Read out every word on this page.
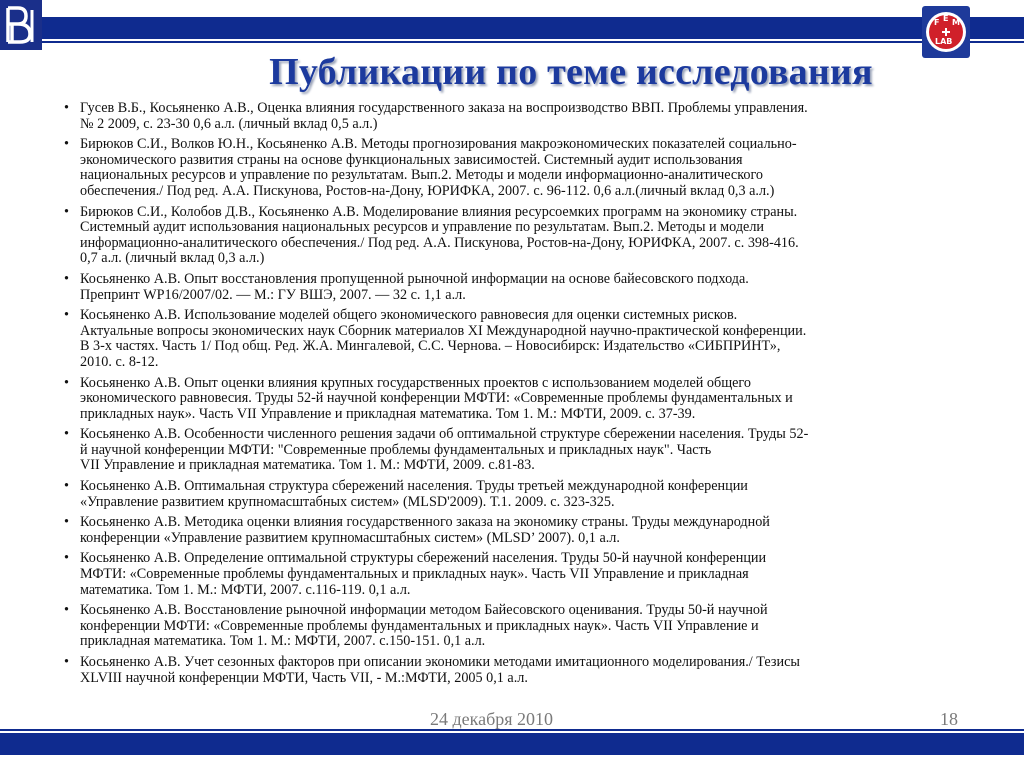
F E M
LAB
Публикации по теме исследования
24 декабря 2010	18
• Гусев В.Б., Косьяненко А.В., Оценка влияния государственного заказа на воспроизводство ВВП. Проблемы управления.
№ 2 2009, с. 23-30 0,6 а.л. (личный вклад 0,5 а.л.)
• Бирюков С.И., Волков Ю.Н., Косьяненко А.В. Методы прогнозирования макроэкономических показателей социально-
экономического развития страны на основе функциональных зависимостей. Системный аудит использования
национальных ресурсов и управление по результатам. Вып.2. Методы и модели информационно-аналитического
обеспечения./ Под ред. А.А. Пискунова, Ростов-на-Дону, ЮРИФКА, 2007. с. 96-112. 0,6 а.л.(личный вклад 0,3 а.л.)
• Бирюков С.И., Колобов Д.В., Косьяненко А.В. Моделирование влияния ресурсоемких программ на экономику страны.
Системный аудит использования национальных ресурсов и управление по результатам. Вып.2. Методы и модели
информационно-аналитического обеспечения./ Под ред. А.А. Пискунова, Ростов-на-Дону, ЮРИФКА, 2007. с. 398-416.
0,7 а.л. (личный вклад 0,3 а.л.)
• Косьяненко А.В. Опыт восстановления пропущенной рыночной информации на основе байесовского подхода.
Препринт WP16/2007/02. — М.: ГУ ВШЭ, 2007. — 32 с. 1,1 а.л.
• Косьяненко А.В. Использование моделей общего экономического равновесия для оценки системных рисков.
Актуальные вопросы экономических наук Сборник материалов XI Международной научно-практической конференции.
В 3-х частях. Часть 1/ Под общ. Ред. Ж.А. Мингалевой, С.С. Чернова. – Новосибирск: Издательство «СИБПРИНТ»,
2010. с. 8-12.
• Косьяненко А.В. Опыт оценки влияния крупных государственных проектов с использованием моделей общего
экономического равновесия. Труды 52-й научной конференции МФТИ: «Современные проблемы фундаментальных и
прикладных наук». Часть VII Управление и прикладная математика. Том 1. М.: МФТИ, 2009. с. 37-39.
• Косьяненко А.В. Особенности численного решения задачи об оптимальной структуре сбережении населения. Труды 52-
й научной конференции МФТИ: "Современные проблемы фундаментальных и прикладных наук". Часть
VII Управление и прикладная математика. Том 1. М.: МФТИ, 2009. с.81-83.
• Косьяненко А.В. Оптимальная структура сбережений населения. Труды третьей международной конференции
«Управление развитием крупномасштабных систем» (MLSD'2009). Т.1. 2009. с. 323-325.
• Косьяненко А.В. Методика оценки влияния государственного заказа на экономику страны. Труды международной
конференции «Управление развитием крупномасштабных систем» (MLSD’ 2007). 0,1 а.л.
• Косьяненко А.В. Определение оптимальной структуры сбережений населения. Труды 50-й научной конференции
МФТИ: «Современные проблемы фундаментальных и прикладных наук». Часть VII Управление и прикладная
математика. Том 1. М.: МФТИ, 2007. с.116-119. 0,1 а.л.
• Косьяненко А.В. Восстановление рыночной информации методом Байесовского оценивания. Труды 50-й научной
конференции МФТИ: «Современные проблемы фундаментальных и прикладных наук». Часть VII Управление и
прикладная математика. Том 1. М.: МФТИ, 2007. с.150-151. 0,1 а.л.
• Косьяненко А.В. Учет сезонных факторов при описании экономики методами имитационного моделирования./ Тезисы
XLVIII научной конференции МФТИ, Часть VII, - М.:МФТИ, 2005 0,1 а.л.
